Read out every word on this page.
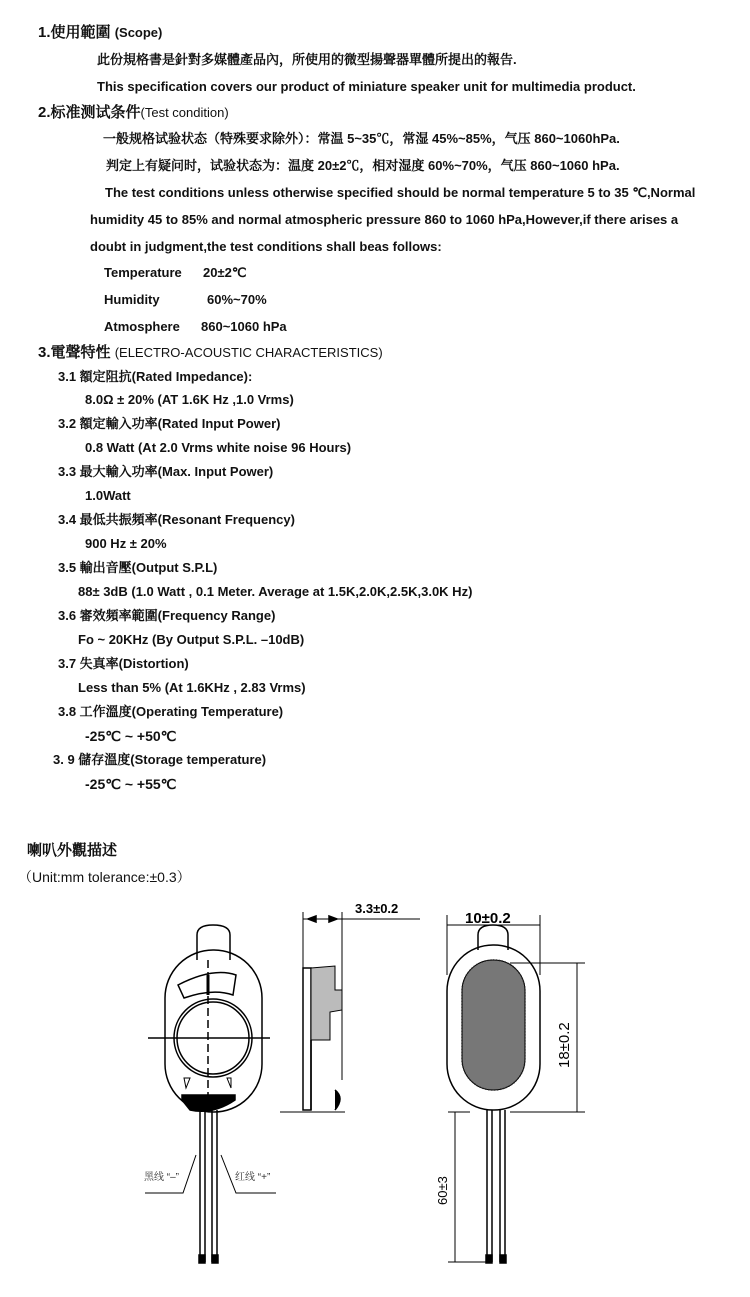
1.使用範圍 (Scope)
此份規格書是針對多媒體產品內，所使用的微型揚聲器單體所提出的報告.
This specification covers our product of miniature speaker unit for multimedia product.
2.标准测试条件(Test condition)
一般规格试验状态（特殊要求除外）：常温 5~35℃，常湿 45%~85%，气压 860~1060hPa.
判定上有疑问时，试验状态为：温度 20±2℃，相对湿度 60%~70%，气压 860~1060 hPa.
The test conditions unless otherwise specified should be normal temperature 5 to 35 ℃,Normal
humidity 45 to 85% and normal atmospheric pressure 860 to 1060 hPa,However,if there arises a
doubt in judgment,the test conditions shall beas follows:
Temperature 20±2℃
Humidity	60%~70%
Atmosphere 860~1060 hPa
3.電聲特性 (ELECTRO-ACOUSTIC CHARACTERISTICS)
3.1 額定阻抗(Rated Impedance):
8.0Ω ± 20% (AT 1.6K Hz ,1.0 Vrms)
3.2 額定輸入功率(Rated Input Power)
0.8 Watt (At 2.0 Vrms white noise 96 Hours)
3.3 最大輸入功率(Max. Input Power)
1.0Watt
3.4 最低共振頻率(Resonant Frequency)
900 Hz ± 20%
3.5 輸出音壓(Output S.P.L)
88± 3dB (1.0 Watt , 0.1 Meter. Average at 1.5K,2.0K,2.5K,3.0K Hz)
3.6 審效頻率範圍(Frequency Range)
Fo ~ 20KHz (By Output S.P.L. –10dB)
3.7 失真率(Distortion)
Less than 5% (At 1.6KHz , 2.83 Vrms)
3.8 工作溫度(Operating Temperature)
-25℃ ~ +50℃
3. 9 儲存溫度(Storage temperature)
-25℃ ~ +55℃
喇叭外觀描述
（Unit:mm tolerance:±0.3）
3.3±0.2
10±0.2
18±0.2
60±3
黑线 “–”	红线 “+”
